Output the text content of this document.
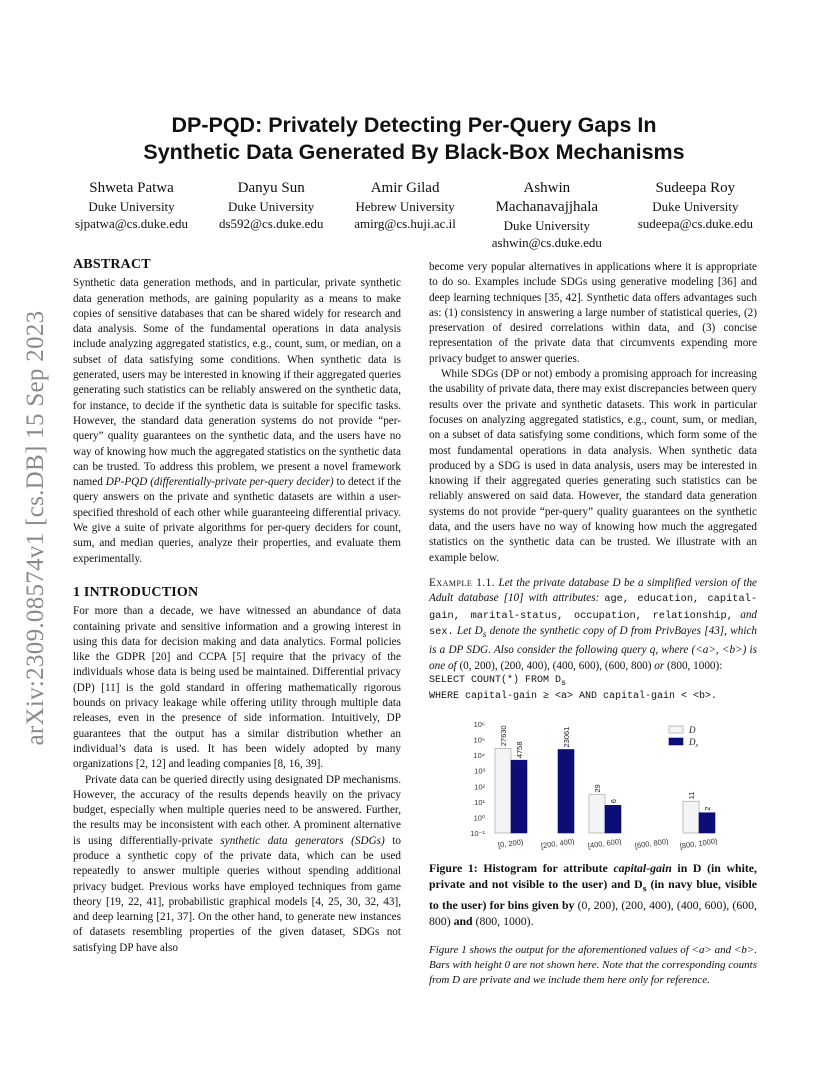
arXiv:2309.08574v1 [cs.DB] 15 Sep 2023
DP-PQD: Privately Detecting Per-Query Gaps In
Synthetic Data Generated By Black-Box Mechanisms
Shweta Patwa
Duke University
sjpatwa@cs.duke.edu
Danyu Sun
Duke University
ds592@cs.duke.edu
Amir Gilad
Hebrew University
amirg@cs.huji.ac.il
Ashwin Machanavajjhala
Duke University
ashwin@cs.duke.edu
Sudeepa Roy
Duke University
sudeepa@cs.duke.edu
ABSTRACT

Synthetic data generation methods, and in particular, private synthetic data generation methods, are gaining popularity as a means to make copies of sensitive databases that can be shared widely for research and data analysis. Some of the fundamental operations in data analysis include analyzing aggregated statistics, e.g., count, sum, or median, on a subset of data satisfying some conditions. When synthetic data is generated, users may be interested in knowing if their aggregated queries generating such statistics can be reliably answered on the synthetic data, for instance, to decide if the synthetic data is suitable for specific tasks. However, the standard data generation systems do not provide “per-query” quality guarantees on the synthetic data, and the users have no way of knowing how much the aggregated statistics on the synthetic data can be trusted. To address this problem, we present a novel framework named DP-PQD (differentially-private per-query decider) to detect if the query answers on the private and synthetic datasets are within a user-specified threshold of each other while guaranteeing differential privacy. We give a suite of private algorithms for per-query deciders for count, sum, and median queries, analyze their properties, and evaluate them experimentally.

1 INTRODUCTION

For more than a decade, we have witnessed an abundance of data containing private and sensitive information and a growing interest in using this data for decision making and data analytics. Formal policies like the GDPR [20] and CCPA [5] require that the privacy of the individuals whose data is being used be maintained. Differential privacy (DP) [11] is the gold standard in offering mathematically rigorous bounds on privacy leakage while offering utility through multiple data releases, even in the presence of side information. Intuitively, DP guarantees that the output has a similar distribution whether an individual’s data is used. It has been widely adopted by many organizations [2, 12] and leading companies [8, 16, 39].

Private data can be queried directly using designated DP mechanisms. However, the accuracy of the results depends heavily on the privacy budget, especially when multiple queries need to be answered. Further, the results may be inconsistent with each other. A prominent alternative is using differentially-private synthetic data generators (SDGs) to produce a synthetic copy of the private data, which can be used repeatedly to answer multiple queries without spending additional privacy budget. Previous works have employed techniques from game theory [19, 22, 41], probabilistic graphical models [4, 25, 30, 32, 43], and deep learning [21, 37]. On the other hand, to generate new instances of datasets resembling properties of the given dataset, SDGs not satisfying DP have also

become very popular alternatives in applications where it is appropriate to do so. Examples include SDGs using generative modeling [36] and deep learning techniques [35, 42]. Synthetic data offers advantages such as: (1) consistency in answering a large number of statistical queries, (2) preservation of desired correlations within data, and (3) concise representation of the private data that circumvents expending more privacy budget to answer queries.

While SDGs (DP or not) embody a promising approach for increasing the usability of private data, there may exist discrepancies between query results over the private and synthetic datasets. This work in particular focuses on analyzing aggregated statistics, e.g., count, sum, or median, on a subset of data satisfying some conditions, which form some of the most fundamental operations in data analysis. When synthetic data produced by a SDG is used in data analysis, users may be interested in knowing if their aggregated queries generating such statistics can be reliably answered on said data. However, the standard data generation systems do not provide “per-query” quality guarantees on the synthetic data, and the users have no way of knowing how much the aggregated statistics on the synthetic data can be trusted. We illustrate with an example below.

Example 1.1. Let the private database D be a simplified version of the Adult database [10] with attributes: age, education, capital-gain, marital-status, occupation, relationship, and sex. Let $D_s$ denote the synthetic copy of D from PrivBayes [43], which is a DP SDG. Also consider the following query q, where (<a>, <b>) is one of (0, 200), (200, 400), (400, 600), (600, 800) or (800, 1000):
SELECT COUNT(*) FROM $D_s$
WHERE capital-gain ≥ <a> AND capital-gain < <b>.
10⁻¹
10⁰
10¹
10²
10³
10⁴
10⁵
10⁶
27630
4758
[0, 200)
23061
[200, 400)
29
6
[400, 600) [600, 800)
11
2
[800, 1000)
D
$D_s$
Figure 1: Histogram for attribute capital-gain in D (in white, private and not visible to the user) and $D_s$ (in navy blue, visible to the user) for bins given by (0, 200), (200, 400), (400, 600), (600, 800) and (800, 1000).

Figure 1 shows the output for the aforementioned values of <a> and <b>. Bars with height 0 are not shown here. Note that the corresponding counts from D are private and we include them here only for reference.
